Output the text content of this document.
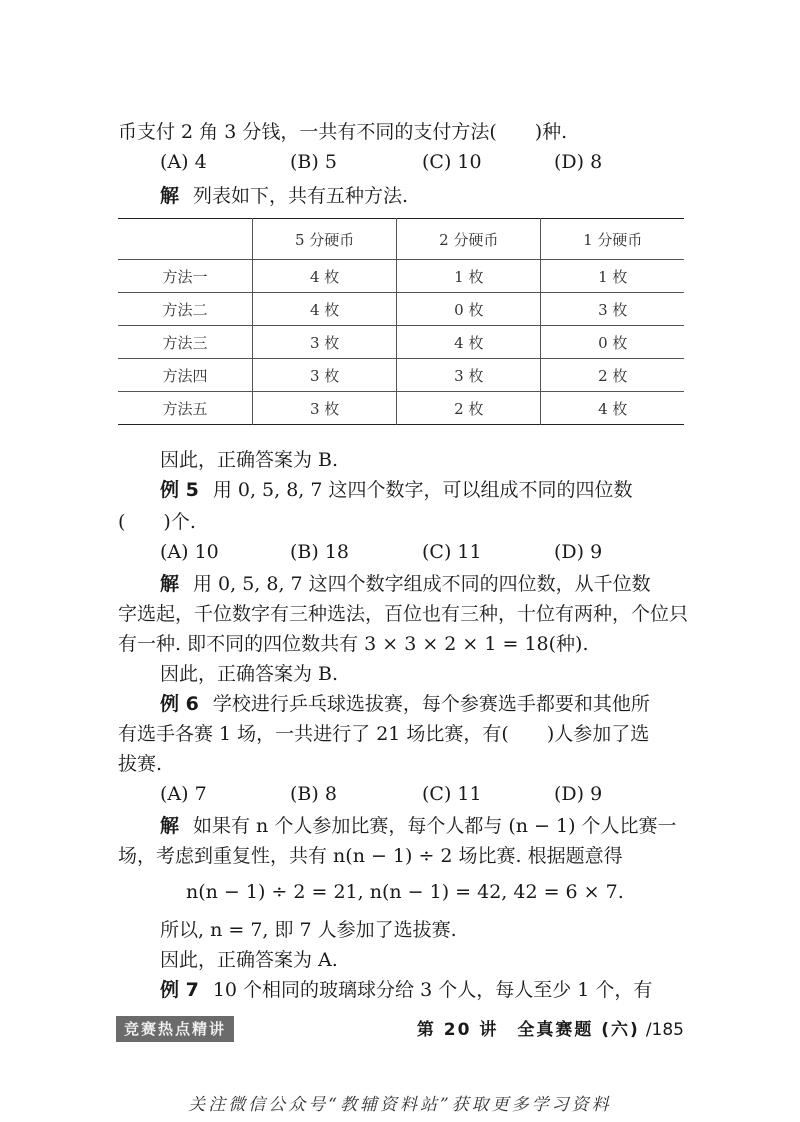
币支付 2 角 3 分钱，一共有不同的支付方法(　　)种.
(A) 4	(B) 5	(C) 10	(D) 8
解 列表如下，共有五种方法.
	5 分硬币	2 分硬币	1 分硬币
方法一	4 枚	1 枚	1 枚
方法二	4 枚	0 枚	3 枚
方法三	3 枚	4 枚	0 枚
方法四	3 枚	3 枚	2 枚
方法五	3 枚	2 枚	4 枚
因此，正确答案为 B.
例 5 用 0, 5, 8, 7 这四个数字，可以组成不同的四位数
(　　)个.
(A) 10	(B) 18	(C) 11	(D) 9
解 用 0, 5, 8, 7 这四个数字组成不同的四位数，从千位数
字选起，千位数字有三种选法，百位也有三种，十位有两种，个位只
有一种. 即不同的四位数共有 3 × 3 × 2 × 1 = 18(种).
因此，正确答案为 B.
例 6 学校进行乒乓球选拔赛，每个参赛选手都要和其他所
有选手各赛 1 场，一共进行了 21 场比赛，有(　　)人参加了选
拔赛.
(A) 7	(B) 8	(C) 11	(D) 9
解 如果有 n 个人参加比赛，每个人都与 (n − 1) 个人比赛一
场，考虑到重复性，共有 n(n − 1) ÷ 2 场比赛. 根据题意得
n(n − 1) ÷ 2 = 21, n(n − 1) = 42, 42 = 6 × 7.
所以, n = 7, 即 7 人参加了选拔赛.
因此，正确答案为 A.
例 7 10 个相同的玻璃球分给 3 个人，每人至少 1 个，有
竞赛热点精讲	第 20 讲　全真赛题 (六) /185
关注微信公众号“教辅资料站”获取更多学习资料
